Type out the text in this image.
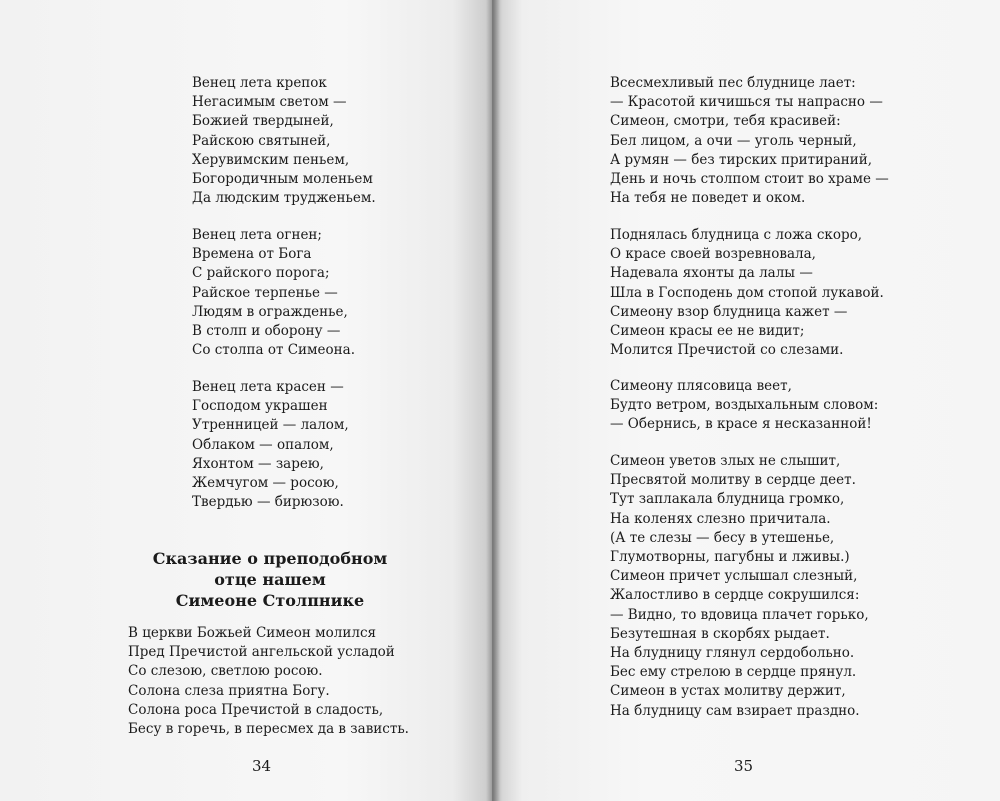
Венец лета крепок
Негасимым светом —
Божией твердыней,
Райскою святыней,
Херувимским пеньем,
Богородичным моленьем
Да людским трудженьем.
Венец лета огнен;
Времена от Бога
С райского порога;
Райское терпенье —
Людям в огражденье,
В столп и оборону —
Со столпа от Симеона.
Венец лета красен —
Господом украшен
Утренницей — лалом,
Облаком — опалом,
Яхонтом — зарею,
Жемчугом — росою,
Твердью — бирюзою.
Сказание о преподобном
отце нашем
Симеоне Столпнике
В церкви Божьей Симеон молился
Пред Пречистой ангельской усладой
Со слезою, светлою росою.
Солона слеза приятна Богу.
Солона роса Пречистой в сладость,
Бесу в горечь, в пересмех да в зависть.
34
Всесмехливый пес блуднице лает:
— Красотой кичишься ты напрасно —
Симеон, смотри, тебя красивей:
Бел лицом, а очи — уголь черный,
А румян — без тирских притираний,
День и ночь столпом стоит во храме —
На тебя не поведет и оком.
Поднялась блудница с ложа скоро,
О красе своей возревновала,
Надевала яхонты да лалы —
Шла в Господень дом стопой лукавой.
Симеону взор блудница кажет —
Симеон красы ее не видит;
Молится Пречистой со слезами.
Симеону плясовица веет,
Будто ветром, воздыхальным словом:
— Обернись, в красе я несказанной!
Симеон уветов злых не слышит,
Пресвятой молитву в сердце деет.
Тут заплакала блудница громко,
На коленях слезно причитала.
(А те слезы — бесу в утешенье,
Глумотворны, пагубны и лживы.)
Симеон причет услышал слезный,
Жалостливо в сердце сокрушился:
— Видно, то вдовица плачет горько,
Безутешная в скорбях рыдает.
На блудницу глянул сердобольно.
Бес ему стрелою в сердце прянул.
Симеон в устах молитву держит,
На блудницу сам взирает праздно.
35
